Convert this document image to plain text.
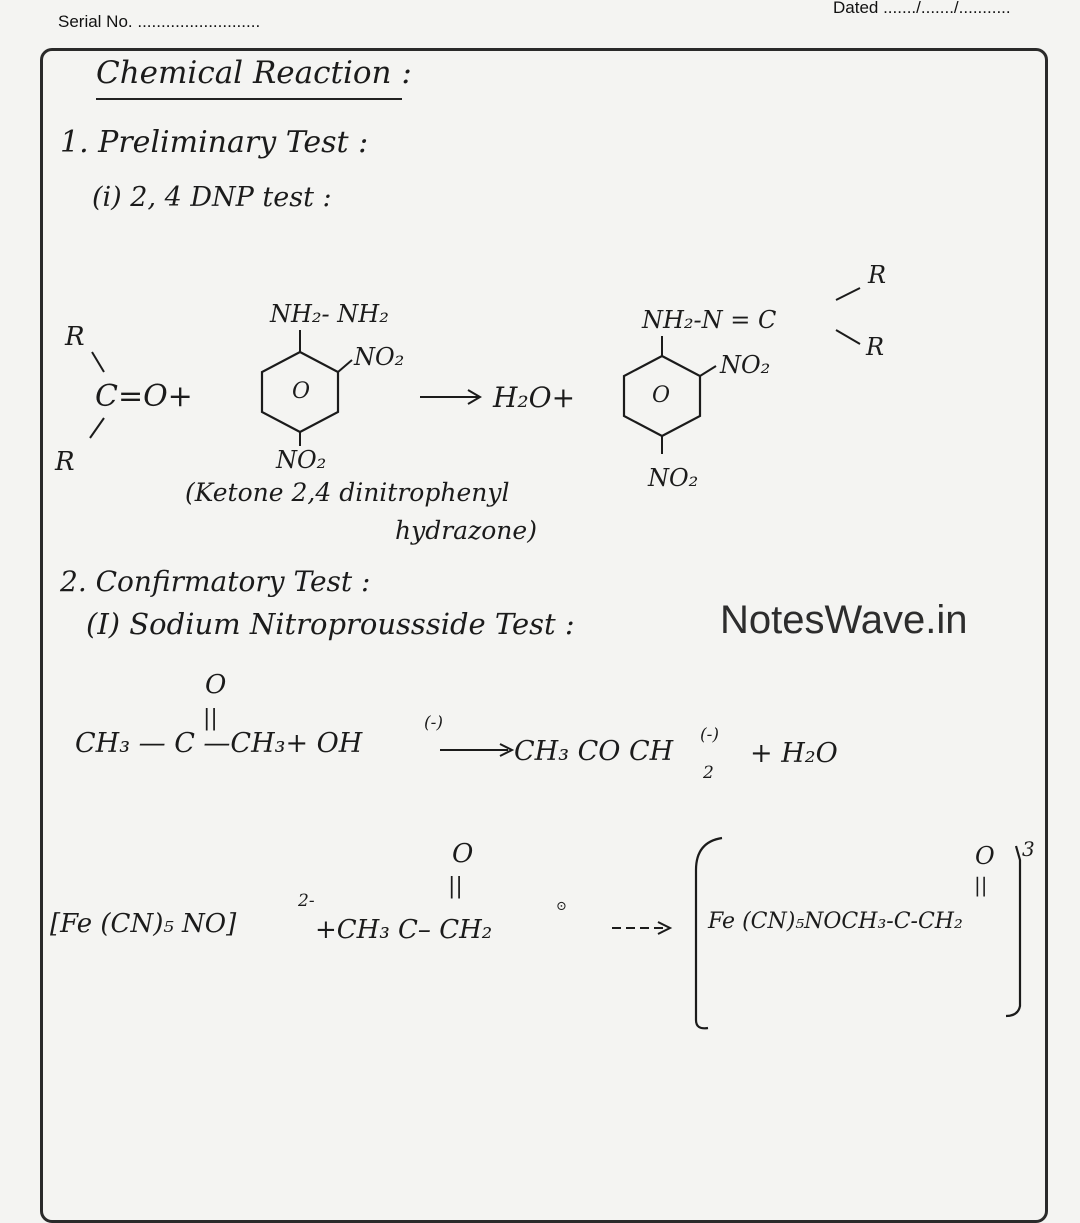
Serial No. ..........................
Dated ......./......./...........
Chemical Reaction :
1. Preliminary Test :
(i) 2, 4 DNP test :
R
C=O+
R
NH₂- NH₂
O
NO₂
NO₂
H₂O+
NH₂-N = C
R
R
O
NO₂
NO₂
O
||
CH₃ — C —CH₃+ OH
(-)
CH₃ CO CH
(-)
2
+ H₂O
O
||
[Fe (CN)₅ NO]
2-
+CH₃ C– CH₂
⊙
Fe (CN)₅NOCH₃-C-CH₂
O
||
3
(Ketone 2,4 dinitrophenyl
hydrazone)
2. Confirmatory Test :
(I) Sodium Nitroproussside Test :	NotesWave.in
